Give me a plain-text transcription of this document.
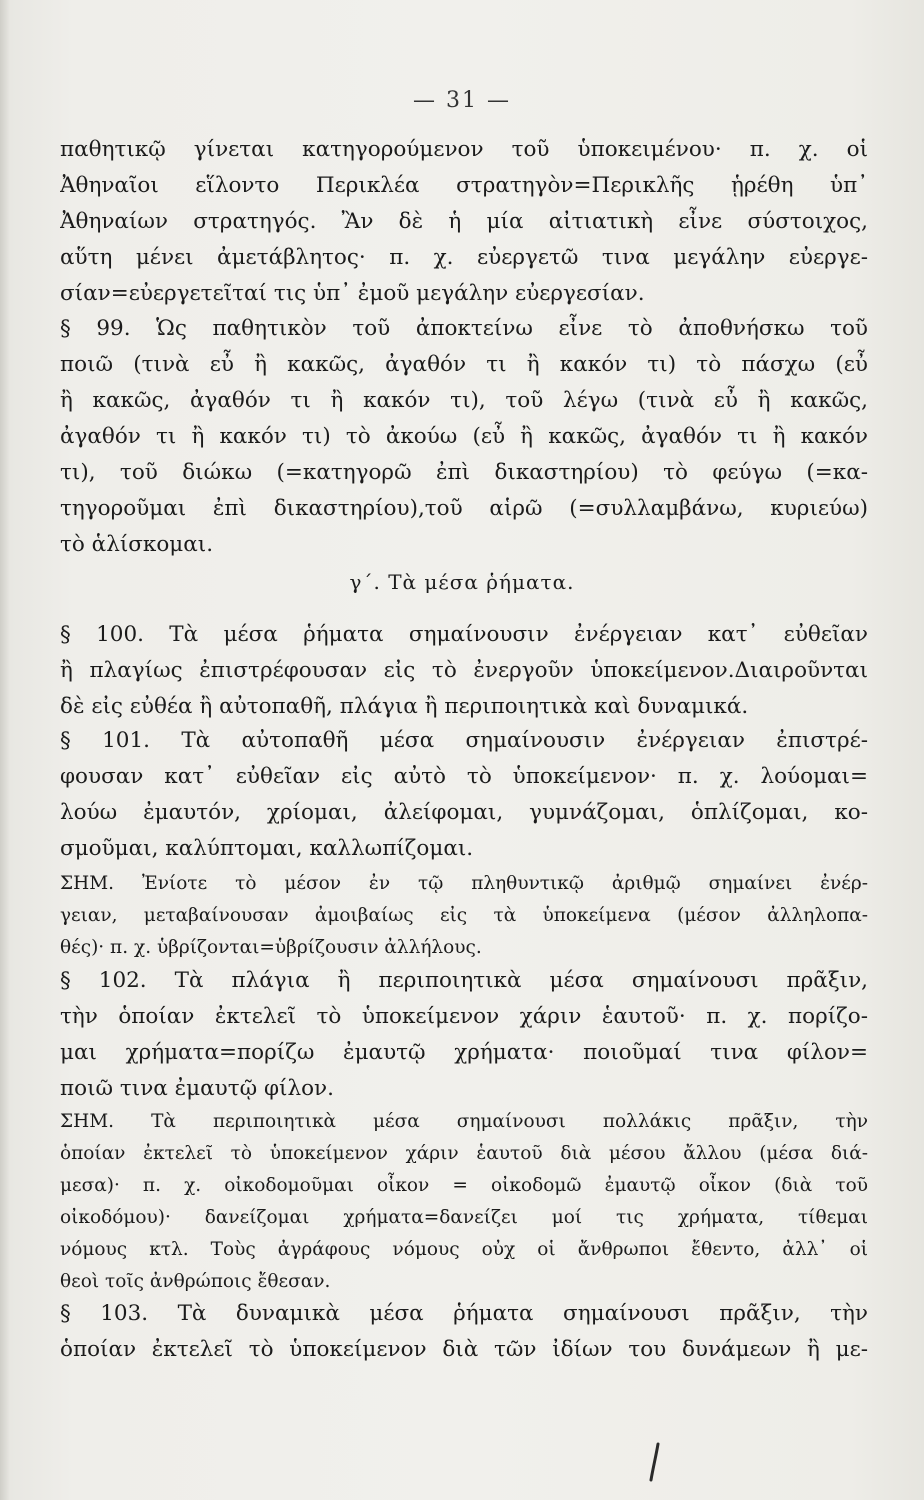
— 31 —
παθητικῷ γίνεται κατηγορούμενον τοῦ ὑποκειμένου· π. χ. οἱ
Ἀθηναῖοι εἵλοντο Περικλέα στρατηγὸν=Περικλῆς ᾑρέθη ὑπ᾽
Ἀθηναίων στρατηγός. Ἂν δὲ ἡ μία αἰτιατικὴ εἶνε σύστοιχος,
αὕτη μένει ἀμετάβλητος· π. χ. εὐεργετῶ τινα μεγάλην εὐεργε-
σίαν=εὐεργετεῖταί τις ὑπ᾽ ἐμοῦ μεγάλην εὐεργεσίαν.
§ 99. Ὡς παθητικὸν τοῦ ἀποκτείνω εἶνε τὸ ἀποθνήσκω τοῦ
ποιῶ (τινὰ εὖ ἢ κακῶς, ἀγαθόν τι ἢ κακόν τι) τὸ πάσχω (εὖ
ἢ κακῶς, ἀγαθόν τι ἢ κακόν τι), τοῦ λέγω (τινὰ εὖ ἢ κακῶς,
ἀγαθόν τι ἢ κακόν τι) τὸ ἀκούω (εὖ ἢ κακῶς, ἀγαθόν τι ἢ κακόν
τι), τοῦ διώκω (=κατηγορῶ ἐπὶ δικαστηρίου) τὸ φεύγω (=κα-
τηγοροῦμαι ἐπὶ δικαστηρίου),τοῦ αἱρῶ (=συλλαμβάνω, κυριεύω)
τὸ ἁλίσκομαι.
γ΄. Τὰ μέσα ῥήματα.
§ 100. Τὰ μέσα ῥήματα σημαίνουσιν ἐνέργειαν κατ᾽ εὐθεῖαν
ἢ πλαγίως ἐπιστρέφουσαν εἰς τὸ ἐνεργοῦν ὑποκείμενον.Διαιροῦνται
δὲ εἰς εὐθέα ἢ αὐτοπαθῆ, πλάγια ἢ περιποιητικὰ καὶ δυναμικά.
§ 101. Τὰ αὐτοπαθῆ μέσα σημαίνουσιν ἐνέργειαν ἐπιστρέ-
φουσαν κατ᾽ εὐθεῖαν εἰς αὐτὸ τὸ ὑποκείμενον· π. χ. λούομαι=
λούω ἐμαυτόν, χρίομαι, ἀλείφομαι, γυμνάζομαι, ὁπλίζομαι, κο-
σμοῦμαι, καλύπτομαι, καλλωπίζομαι.
ΣΗΜ. Ἐνίοτε τὸ μέσον ἐν τῷ πληθυντικῷ ἀριθμῷ σημαίνει ἐνέρ-
γειαν, μεταβαίνουσαν ἀμοιβαίως εἰς τὰ ὑποκείμενα (μέσον ἀλληλοπα-
θές)· π. χ. ὑβρίζονται=ὑβρίζουσιν ἀλλήλους.
§ 102. Τὰ πλάγια ἢ περιποιητικὰ μέσα σημαίνουσι πρᾶξιν,
τὴν ὁποίαν ἐκτελεῖ τὸ ὑποκείμενον χάριν ἑαυτοῦ· π. χ. πορίζο-
μαι χρήματα=πορίζω ἐμαυτῷ χρήματα· ποιοῦμαί τινα φίλον=
ποιῶ τινα ἐμαυτῷ φίλον.
ΣΗΜ. Τὰ περιποιητικὰ μέσα σημαίνουσι πολλάκις πρᾶξιν, τὴν
ὁποίαν ἐκτελεῖ τὸ ὑποκείμενον χάριν ἑαυτοῦ διὰ μέσου ἄλλου (μέσα διά-
μεσα)· π. χ. οἰκοδομοῦμαι οἶκον = οἰκοδομῶ ἐμαυτῷ οἶκον (διὰ τοῦ
οἰκοδόμου)· δανείζομαι χρήματα=δανείζει μοί τις χρήματα, τίθεμαι
νόμους κτλ. Τοὺς ἀγράφους νόμους οὐχ οἱ ἄνθρωποι ἔθεντο, ἀλλ᾽ οἱ
θεοὶ τοῖς ἀνθρώποις ἔθεσαν.
§ 103. Τὰ δυναμικὰ μέσα ῥήματα σημαίνουσι πρᾶξιν, τὴν
ὁποίαν ἐκτελεῖ τὸ ὑποκείμενον διὰ τῶν ἰδίων του δυνάμεων ἢ με-
